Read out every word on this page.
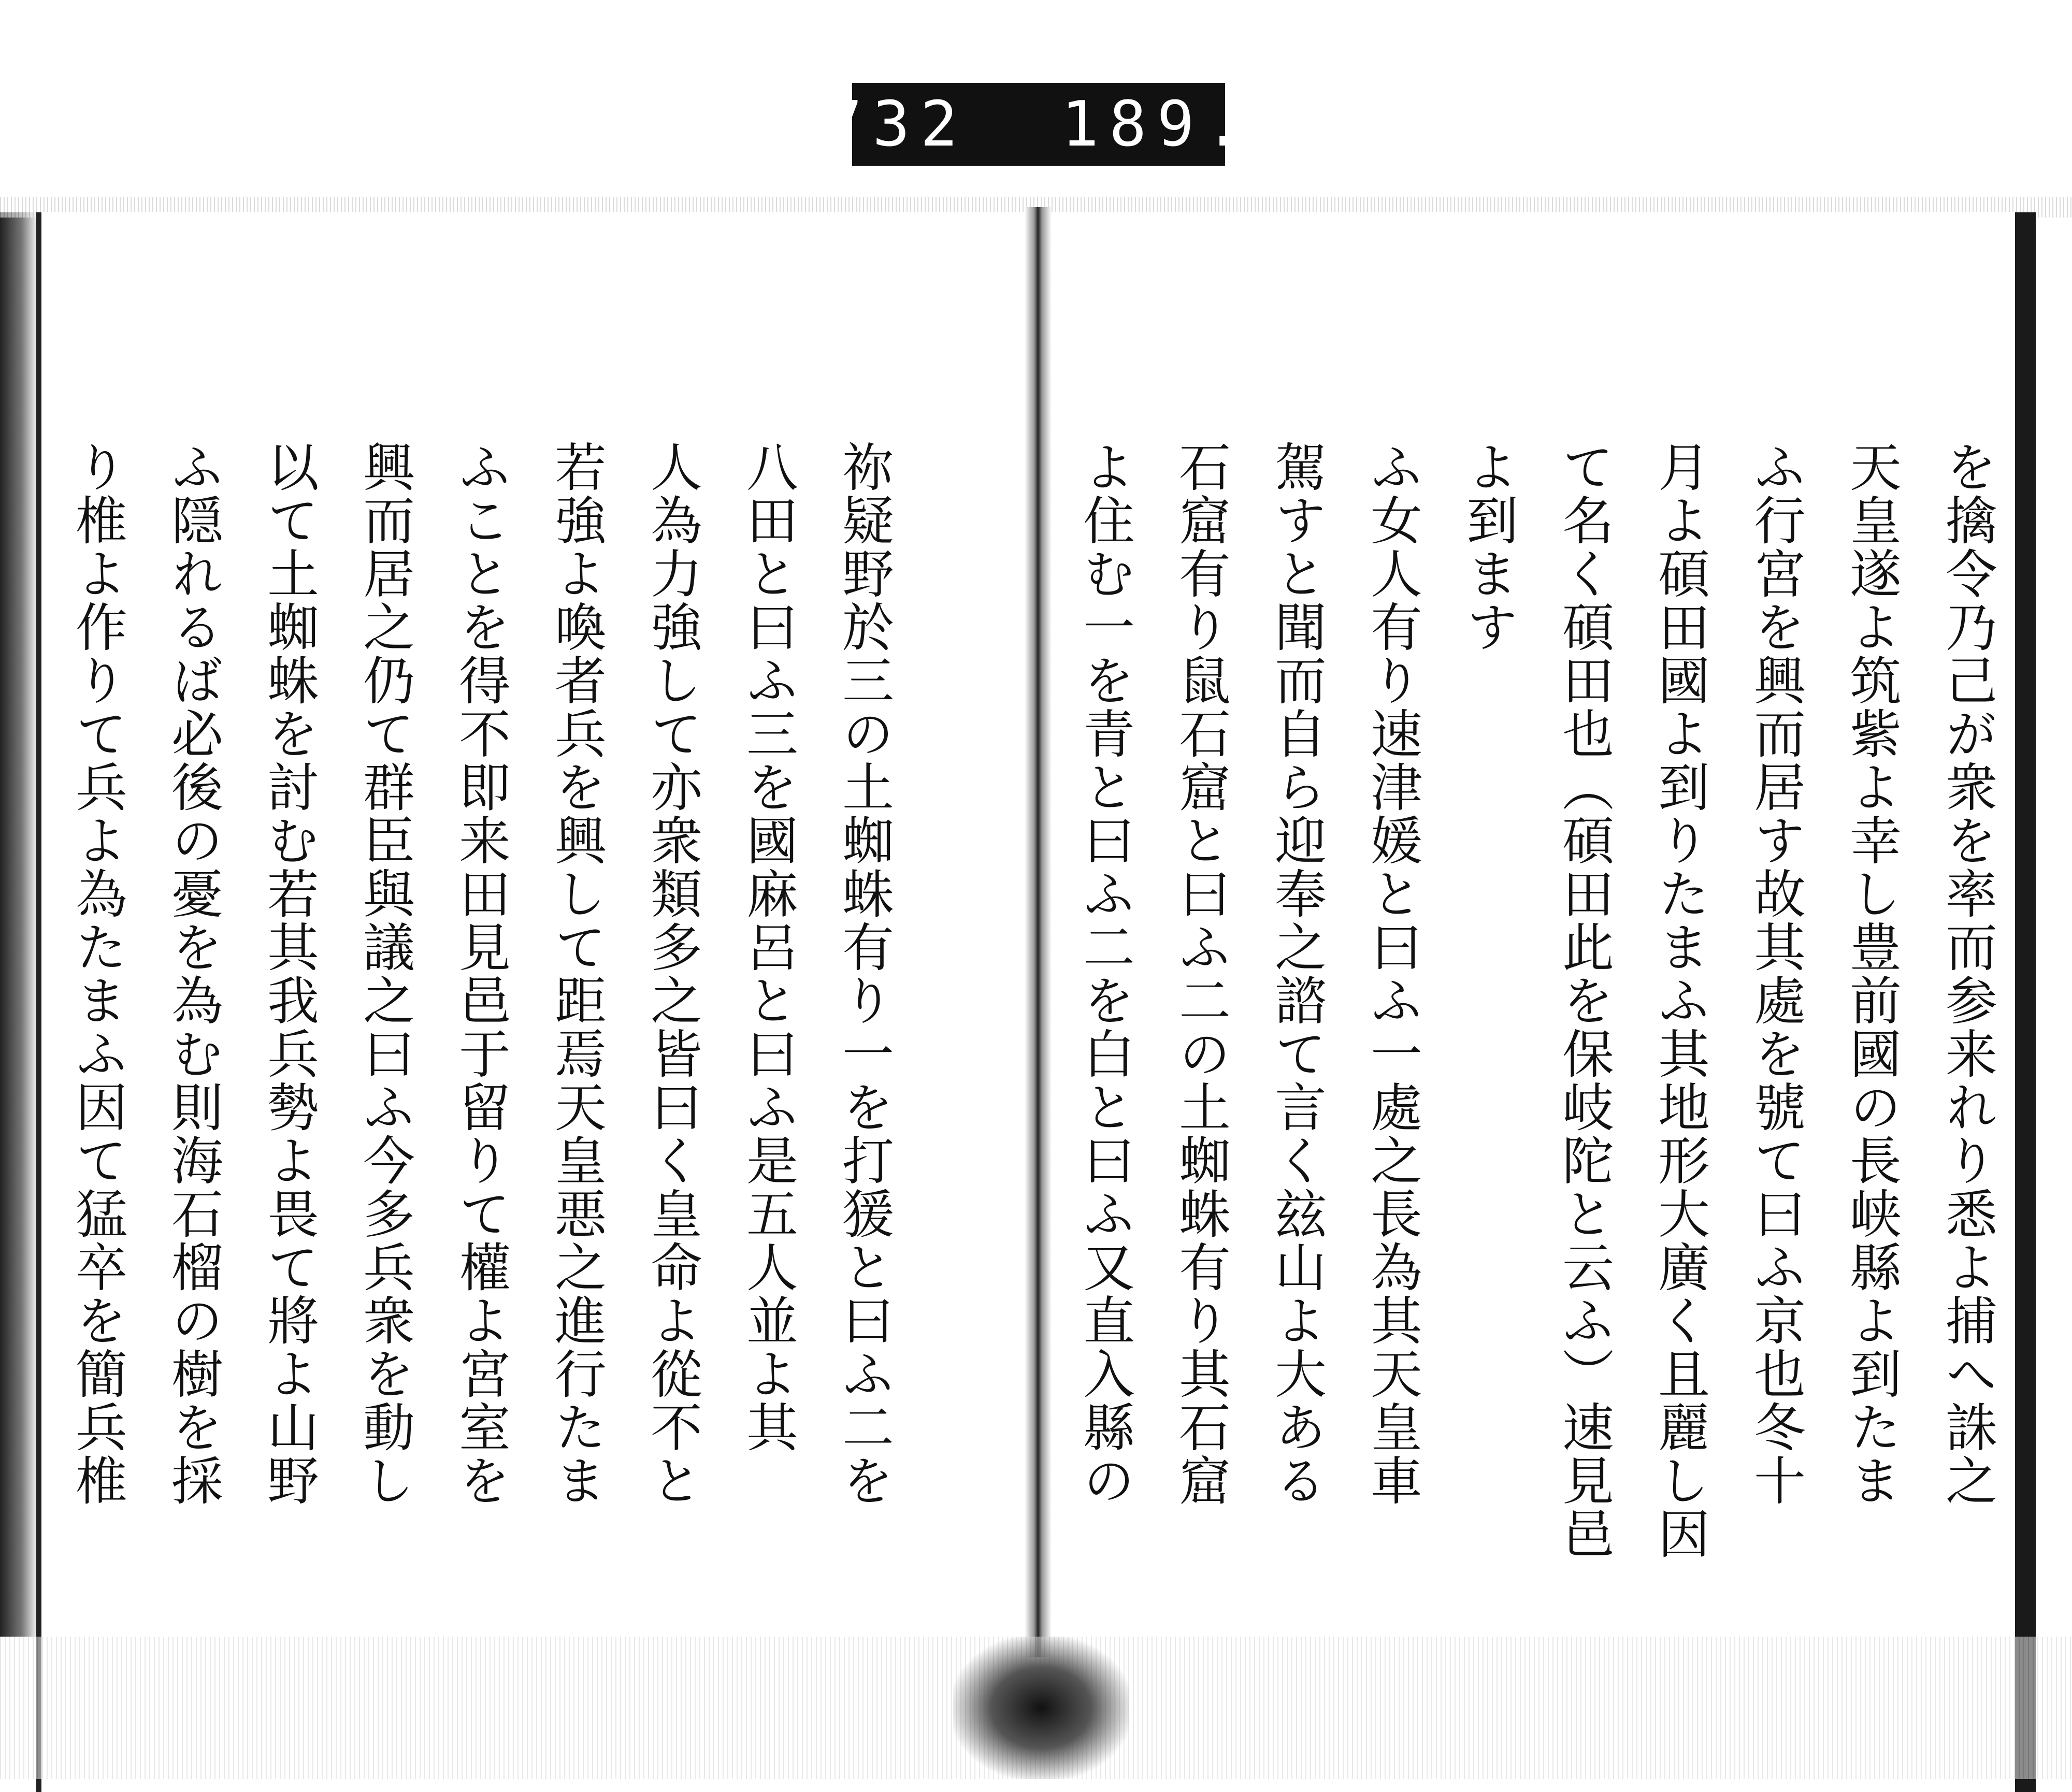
732 189.

を擒令乃己が衆を率而参来れり悉よ捕へ誅之

天皇遂よ筑紫よ幸し豊前國の長峡縣よ到たま

ふ行宮を興而居す故其處を號て曰ふ京也冬十

月よ碩田國よ到りたまふ其地形大廣く且麗し因

て名く碩田也（碩田此を保岐陀と云ふ）速見邑よ到ます

ふ女人有り速津媛と曰ふ一處之長為其天皇車

駕すと聞而自ら迎奉之諮て言く玆山よ大ある

石窟有り鼠石窟と曰ふ二の土蜘蛛有り其石窟

よ住む一を青と曰ふ二を白と曰ふ又直入縣の

祢疑野於三の土蜘蛛有り一を打猨と曰ふ二を

八田と曰ふ三を國麻呂と曰ふ是五人並よ其

人為力強して亦衆類多之皆曰く皇命よ從不と

若強よ喚者兵を興して距焉天皇悪之進行たま

ふことを得不即来田見邑于留りて權よ宮室を

興而居之仍て群臣與議之曰ふ今多兵衆を動し

以て土蜘蛛を討む若其我兵勢よ畏て將よ山野

ふ隠れるば必後の憂を為む則海石榴の樹を採

り椎よ作りて兵よ為たまふ因て猛卒を簡兵椎
